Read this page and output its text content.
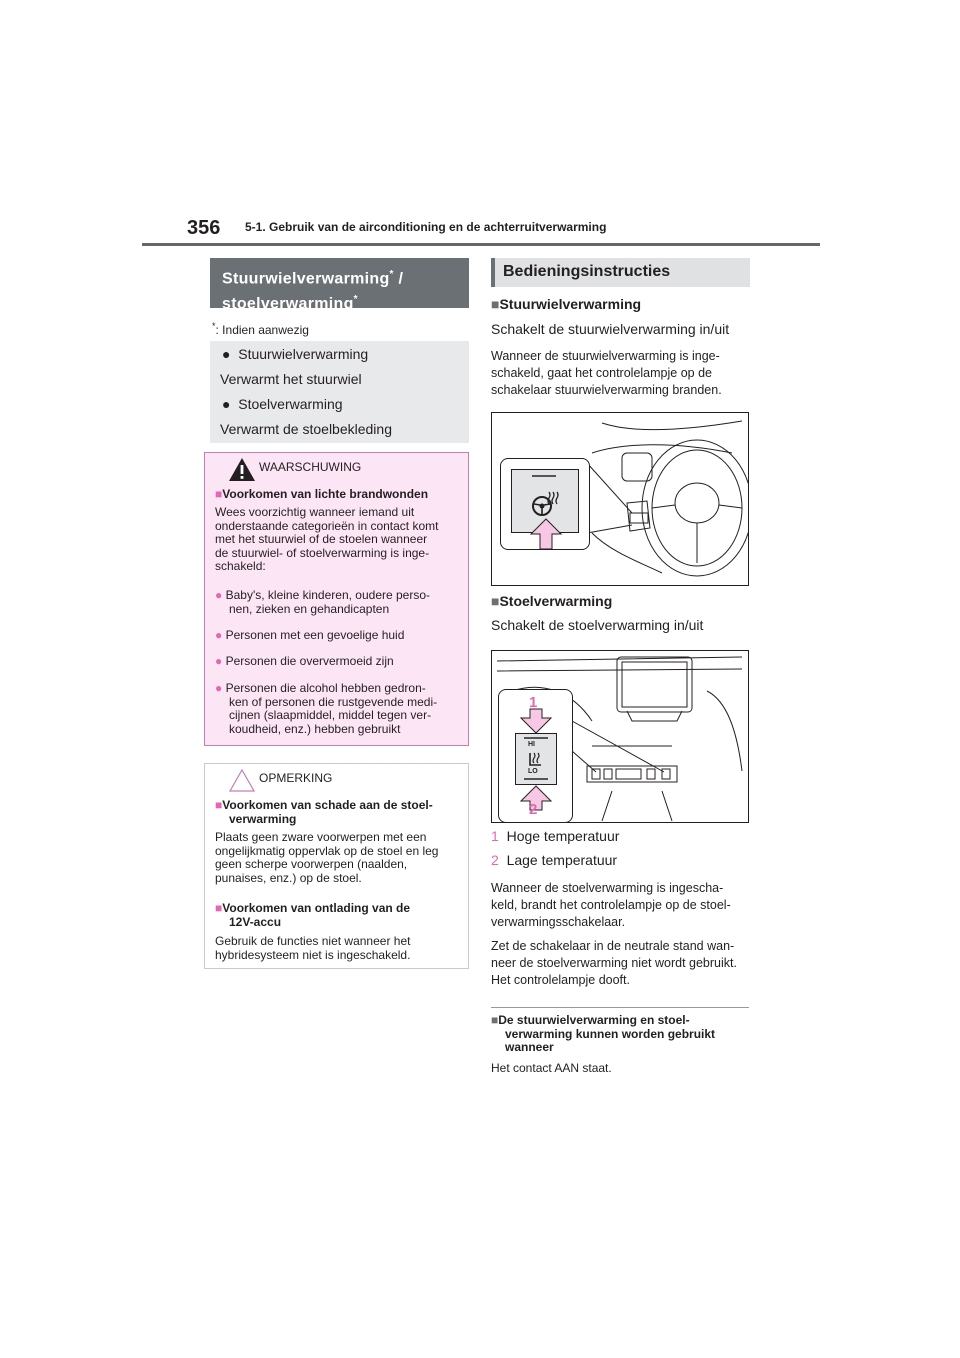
356 5-1. Gebruik van de airconditioning en de achterruitverwarming
Stuurwielverwarming* /
stoelverwarming*
*: Indien aanwezig
●  Stuurwielverwarming
Verwarmt het stuurwiel
●  Stoelverwarming
Verwarmt de stoelbekleding
WAARSCHUWING
■Voorkomen van lichte brandwonden
Wees voorzichtig wanneer iemand uit
onderstaande categorieën in contact komt
met het stuurwiel of de stoelen wanneer
de stuurwiel- of stoelverwarming is inge-
schakeld:
● Baby's, kleine kinderen, oudere perso-
nen, zieken en gehandicapten
● Personen met een gevoelige huid
● Personen die oververmoeid zijn
● Personen die alcohol hebben gedron-
ken of personen die rustgevende medi-
cijnen (slaapmiddel, middel tegen ver-
koudheid, enz.) hebben gebruikt
OPMERKING
■Voorkomen van schade aan de stoel-
verwarming
Plaats geen zware voorwerpen met een
ongelijkmatig oppervlak op de stoel en leg
geen scherpe voorwerpen (naalden,
punaises, enz.) op de stoel.
■Voorkomen van ontlading van de
12V-accu
Gebruik de functies niet wanneer het
hybridesysteem niet is ingeschakeld.
Bedieningsinstructies
■Stuurwielverwarming
Schakelt de stuurwielverwarming in/uit
Wanneer de stuurwielverwarming is inge-
schakeld, gaat het controlelampje op de
schakelaar stuurwielverwarming branden.
■Stoelverwarming
Schakelt de stoelverwarming in/uit
HI
LO
1
2
1 Hoge temperatuur
2 Lage temperatuur
Wanneer de stoelverwarming is ingescha-
keld, brandt het controlelampje op de stoel-
verwarmingsschakelaar.
Zet de schakelaar in de neutrale stand wan-
neer de stoelverwarming niet wordt gebruikt.
Het controlelampje dooft.
■De stuurwielverwarming en stoel-
verwarming kunnen worden gebruikt
wanneer
Het contact AAN staat.
